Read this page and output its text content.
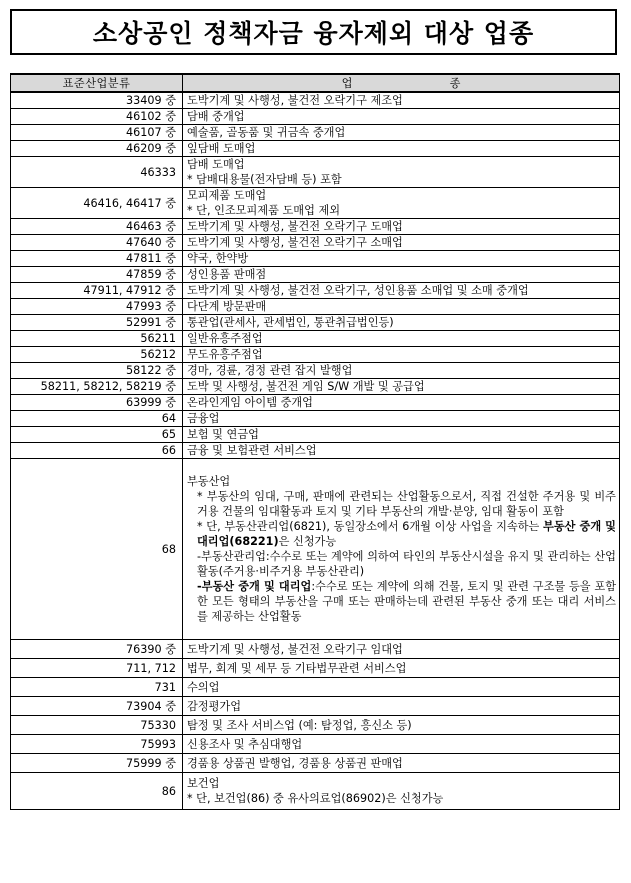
소상공인 정책자금 융자제외 대상 업종
표준산업분류	업 종
33409 중	도박기계 및 사행성, 불건전 오락기구 제조업

46102 중	담배 중개업

46107 중	예술품, 골동품 및 귀금속 중개업

46209 중	잎담배 도매업

46333	담배 도매업
* 담배대용물(전자담배 등) 포함

46416, 46417 중	모피제품 도매업
* 단, 인조모피제품 도매업 제외

46463 중	도박기계 및 사행성, 불건전 오락기구 도매업

47640 중	도박기계 및 사행성, 불건전 오락기구 소매업

47811 중	약국, 한약방

47859 중	성인용품 판매점

47911, 47912 중	도박기계 및 사행성, 불건전 오락기구, 성인용품 소매업 및 소매 중개업

47993 중	다단계 방문판매

52991 중	통관업(관세사, 관세법인, 통관취급법인등)

56211	일반유흥주점업

56212	무도유흥주점업

58122 중	경마, 경륜, 경정 관련 잡지 발행업

58211, 58212, 58219 중	도박 및 사행성, 불건전 게임 S/W 개발 및 공급업

63999 중	온라인게임 아이템 중개업

64	금융업

65	보험 및 연금업

66	금융 및 보험관련 서비스업

68	부동산업
* 부동산의 임대, 구매, 판매에 관련되는 산업활동으로서, 직접 건설한 주거용 및 비주거용 건물의 임대활동과 토지 및 기타 부동산의 개발·분양, 임대 활동이 포함
* 단, 부동산관리업(6821), 동일장소에서 6개월 이상 사업을 지속하는 부동산 중개 및 대리업(68221)은 신청가능
-부동산관리업:수수로 또는 계약에 의하여 타인의 부동산시설을 유지 및 관리하는 산업활동(주거용·비주거용 부동산관리)
-부동산 중개 및 대리업:수수로 또는 계약에 의해 건물, 토지 및 관련 구조물 등을 포함한 모든 형태의 부동산을 구매 또는 판매하는데 관련된 부동산 중개 또는 대리 서비스를 제공하는 산업활동

76390 중	도박기계 및 사행성, 불건전 오락기구 임대업

711, 712	법무, 회계 및 세무 등 기타법무관련 서비스업

731	수의업

73904 중	감정평가업

75330	탐정 및 조사 서비스업 (예: 탐정업, 흥신소 등)

75993	신용조사 및 추심대행업

75999 중	경품용 상품권 발행업, 경품용 상품권 판매업

86	보건업
* 단, 보건업(86) 중 유사의료업(86902)은 신청가능
